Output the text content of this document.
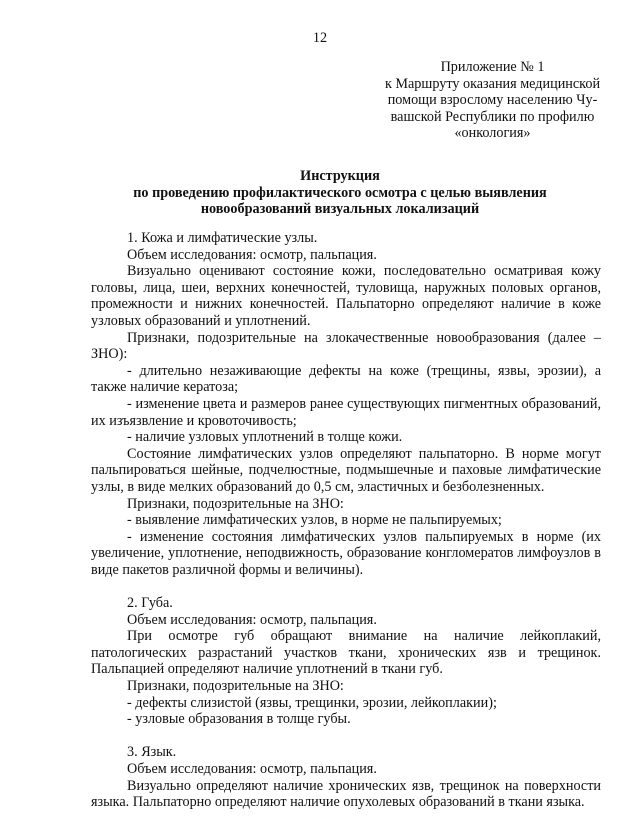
12
Приложение № 1
к Маршруту оказания медицинской
помощи взрослому населению Чу-
вашской Республики по профилю
«онкология»
Инструкция
по проведению профилактического осмотра с целью выявления
новообразований визуальных локализаций
1. Кожа и лимфатические узлы.
Объем исследования: осмотр, пальпация.
Визуально оценивают состояние кожи, последовательно осматривая кожу головы, лица, шеи, верхних конечностей, туловища, наружных половых органов, промежности и нижних конечностей. Пальпаторно определяют наличие в коже узловых образований и уплотнений.
Признаки, подозрительные на злокачественные новообразования (далее – ЗНО):
- длительно незаживающие дефекты на коже (трещины, язвы, эрозии), а также наличие кератоза;
- изменение цвета и размеров ранее существующих пигментных образований, их изъязвление и кровоточивость;
- наличие узловых уплотнений в толще кожи.
Состояние лимфатических узлов определяют пальпаторно. В норме могут пальпироваться шейные, подчелюстные, подмышечные и паховые лимфатические узлы, в виде мелких образований до 0,5 см, эластичных и безболезненных.
Признаки, подозрительные на ЗНО:
- выявление лимфатических узлов, в норме не пальпируемых;
- изменение состояния лимфатических узлов пальпируемых в норме (их увеличение, уплотнение, неподвижность, образование конгломератов лимфоузлов в виде пакетов различной формы и величины).
2. Губа.
Объем исследования: осмотр, пальпация.
При осмотре губ обращают внимание на наличие лейкоплакий, патологических разрастаний участков ткани, хронических язв и трещинок. Пальпацией определяют наличие уплотнений в ткани губ.
Признаки, подозрительные на ЗНО:
- дефекты слизистой (язвы, трещинки, эрозии, лейкоплакии);
- узловые образования в толще губы.
3. Язык.
Объем исследования: осмотр, пальпация.
Визуально определяют наличие хронических язв, трещинок на поверхности языка. Пальпаторно определяют наличие опухолевых образований в ткани языка.
